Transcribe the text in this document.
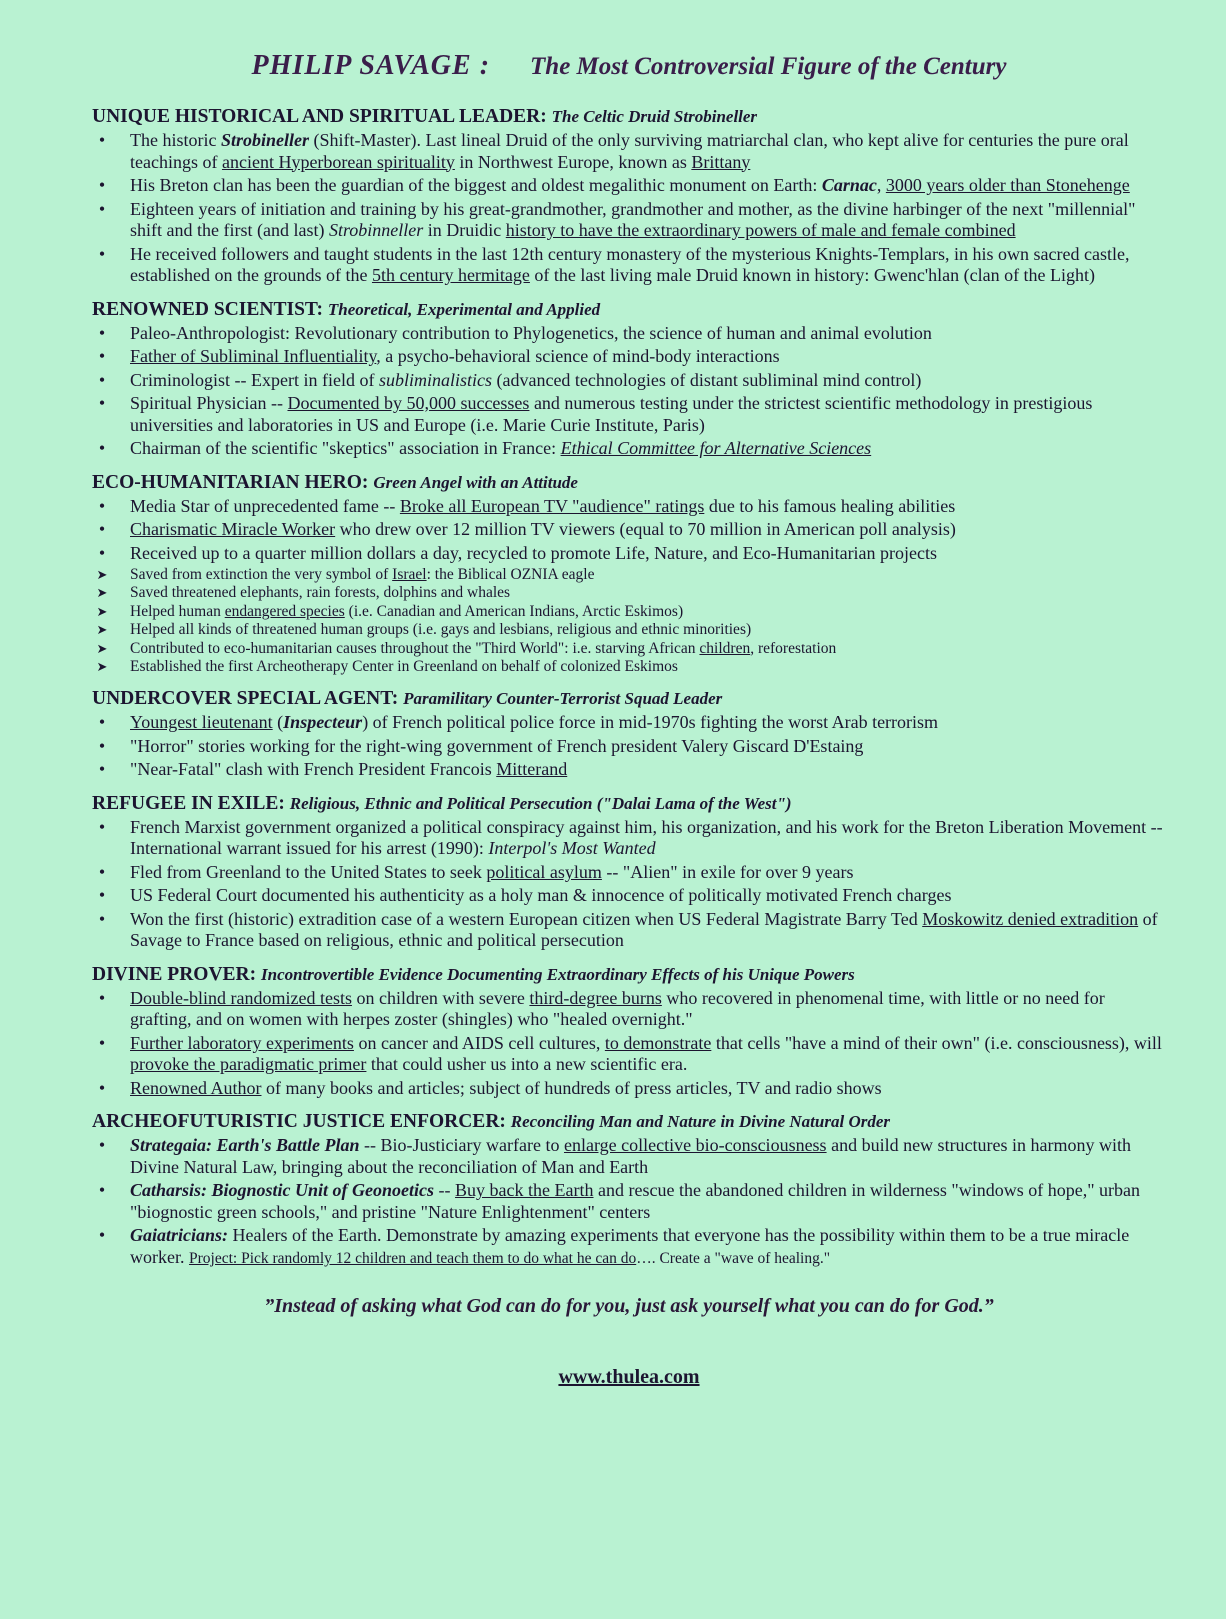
PHILIP SAVAGE : The Most Controversial Figure of the Century
UNIQUE HISTORICAL AND SPIRITUAL LEADER: The Celtic Druid Strobineller
•	The historic Strobineller (Shift-Master). Last lineal Druid of the only surviving matriarchal clan, who kept alive for centuries the pure oral teachings of ancient Hyperborean spirituality in Northwest Europe, known as Brittany
•	His Breton clan has been the guardian of the biggest and oldest megalithic monument on Earth: Carnac, 3000 years older than Stonehenge
•	Eighteen years of initiation and training by his great-grandmother, grandmother and mother, as the divine harbinger of the next "millennial" shift and the first (and last) Strobinneller in Druidic history to have the extraordinary powers of male and female combined
•	He received followers and taught students in the last 12th century monastery of the mysterious Knights-Templars, in his own sacred castle, established on the grounds of the 5th century hermitage of the last living male Druid known in history: Gwenc'hlan (clan of the Light)
RENOWNED SCIENTIST: Theoretical, Experimental and Applied
•	Paleo-Anthropologist: Revolutionary contribution to Phylogenetics, the science of human and animal evolution
•	Father of Subliminal Influentiality, a psycho-behavioral science of mind-body interactions
•	Criminologist -- Expert in field of subliminalistics (advanced technologies of distant subliminal mind control)
•	Spiritual Physician -- Documented by 50,000 successes and numerous testing under the strictest scientific methodology in prestigious universities and laboratories in US and Europe (i.e. Marie Curie Institute, Paris)
•	Chairman of the scientific "skeptics" association in France: Ethical Committee for Alternative Sciences
ECO-HUMANITARIAN HERO: Green Angel with an Attitude
•	Media Star of unprecedented fame -- Broke all European TV "audience" ratings due to his famous healing abilities
•	Charismatic Miracle Worker who drew over 12 million TV viewers (equal to 70 million in American poll analysis)
•	Received up to a quarter million dollars a day, recycled to promote Life, Nature, and Eco-Humanitarian projects
➤ Saved from extinction the very symbol of Israel: the Biblical OZNIA eagle
➤ Saved threatened elephants, rain forests, dolphins and whales
➤ Helped human endangered species (i.e. Canadian and American Indians, Arctic Eskimos)
➤ Helped all kinds of threatened human groups (i.e. gays and lesbians, religious and ethnic minorities)
➤ Contributed to eco-humanitarian causes throughout the "Third World": i.e. starving African children, reforestation
➤ Established the first Archeotherapy Center in Greenland on behalf of colonized Eskimos
UNDERCOVER SPECIAL AGENT: Paramilitary Counter-Terrorist Squad Leader
•	Youngest lieutenant (Inspecteur) of French political police force in mid-1970s fighting the worst Arab terrorism
•	"Horror" stories working for the right-wing government of French president Valery Giscard D'Estaing
•	"Near-Fatal" clash with French President Francois Mitterand
REFUGEE IN EXILE: Religious, Ethnic and Political Persecution ("Dalai Lama of the West")
•	French Marxist government organized a political conspiracy against him, his organization, and his work for the Breton Liberation Movement -- International warrant issued for his arrest (1990): Interpol's Most Wanted
•	Fled from Greenland to the United States to seek political asylum -- "Alien" in exile for over 9 years
•	US Federal Court documented his authenticity as a holy man & innocence of politically motivated French charges
•	Won the first (historic) extradition case of a western European citizen when US Federal Magistrate Barry Ted Moskowitz denied extradition of Savage to France based on religious, ethnic and political persecution
DIVINE PROVER: Incontrovertible Evidence Documenting Extraordinary Effects of his Unique Powers
•	Double-blind randomized tests on children with severe third-degree burns who recovered in phenomenal time, with little or no need for grafting, and on women with herpes zoster (shingles) who "healed overnight."
•	Further laboratory experiments on cancer and AIDS cell cultures, to demonstrate that cells "have a mind of their own" (i.e. consciousness), will provoke the paradigmatic primer that could usher us into a new scientific era.
•	Renowned Author of many books and articles; subject of hundreds of press articles, TV and radio shows
ARCHEOFUTURISTIC JUSTICE ENFORCER: Reconciling Man and Nature in Divine Natural Order
•	Strategaia: Earth's Battle Plan -- Bio-Justiciary warfare to enlarge collective bio-consciousness and build new structures in harmony with Divine Natural Law, bringing about the reconciliation of Man and Earth
•	Catharsis: Biognostic Unit of Geonoetics -- Buy back the Earth and rescue the abandoned children in wilderness "windows of hope," urban "biognostic green schools," and pristine "Nature Enlightenment" centers
•	Gaiatricians: Healers of the Earth. Demonstrate by amazing experiments that everyone has the possibility within them to be a true miracle worker. Project: Pick randomly 12 children and teach them to do what he can do…. Create a "wave of healing."
”Instead of asking what God can do for you, just ask yourself what you can do for God.”
www.thulea.com
